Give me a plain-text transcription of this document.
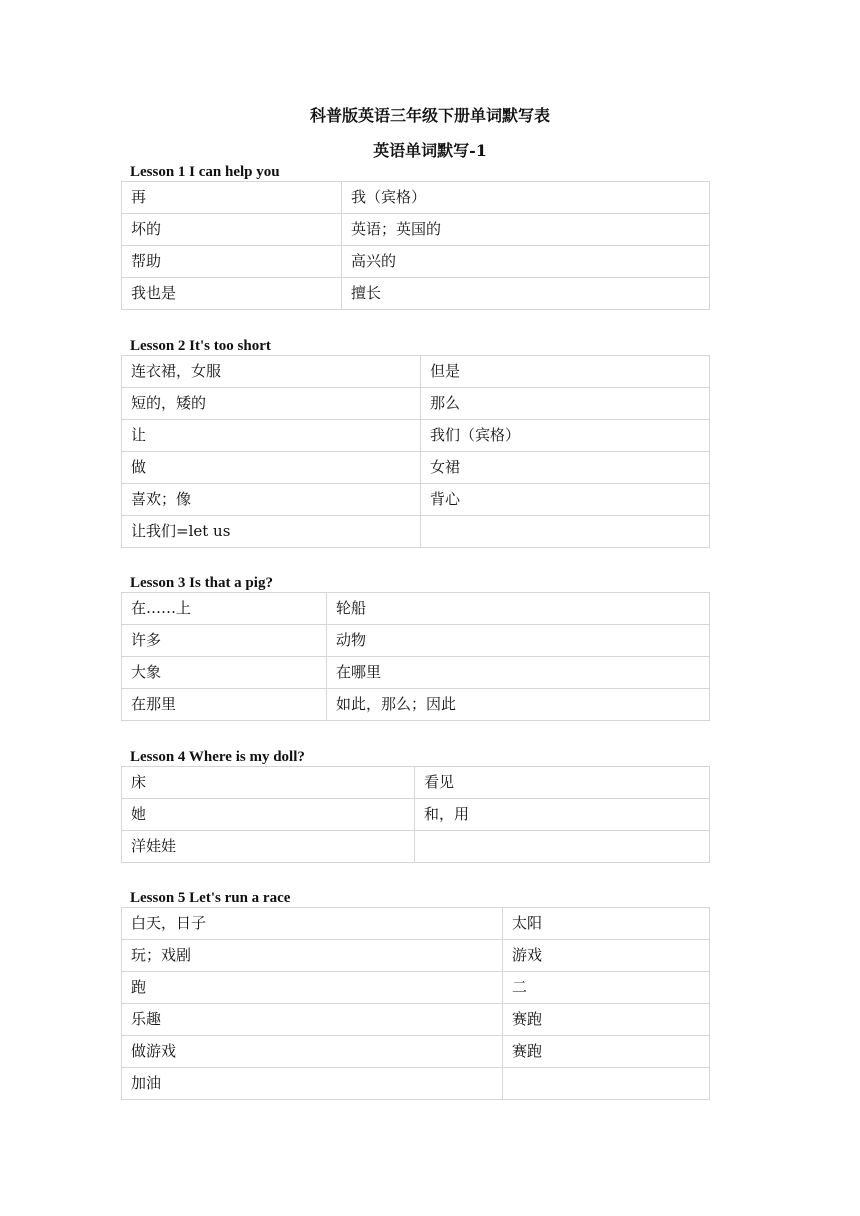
科普版英语三年级下册单词默写表
英语单词默写-1
Lesson 1 I can help you
再	我（宾格）
坏的	英语；英国的
帮助	高兴的
我也是	擅长
Lesson 2 It's too short
连衣裙，女服	但是
短的，矮的	那么
让	我们（宾格）
做	女裙
喜欢；像	背心
让我们=let us	
Lesson 3 Is that a pig?
在……上	轮船
许多	动物
大象	在哪里
在那里	如此，那么；因此
Lesson 4 Where is my doll?
床	看见
她	和，用
洋娃娃	
Lesson 5 Let's run a race
白天，日子	太阳
玩；戏剧	游戏
跑	二
乐趣	赛跑
做游戏	赛跑
加油	
